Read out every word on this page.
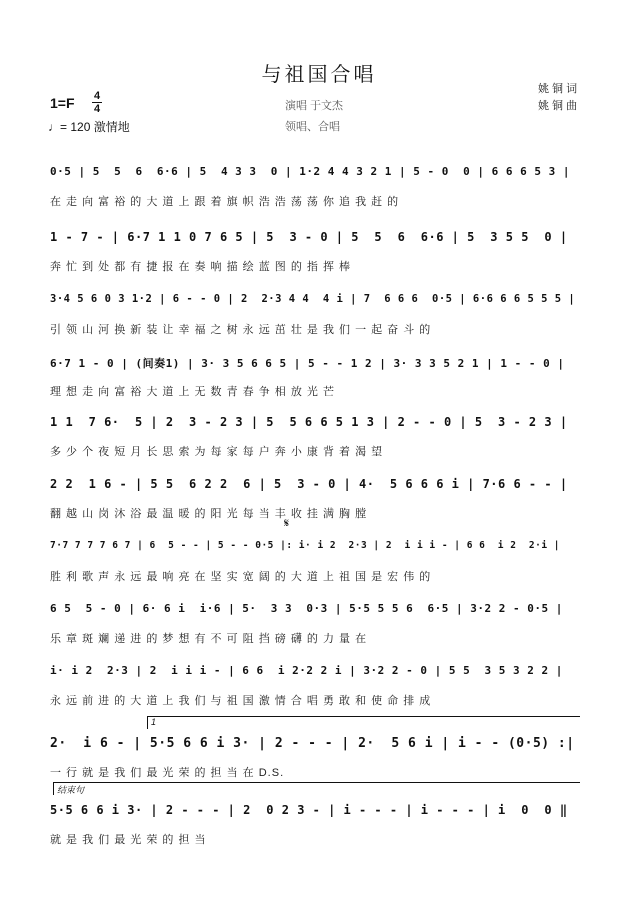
与祖国合唱
演唱 于文杰
领唱、合唱
姚 铜 词
姚 铜 曲
1=F 4
4
♩= 120 激情地
0·5 | 5  5  6  6·6 | 5  4 3 3  0 | 1·2 4 4 3 2 1 | 5 - 0  0 | 6 6 6 5 3 |
在 走 向 富 裕 的 大 道 上 跟 着 旗 帜 浩 浩 荡 荡 你 追 我 赶 的
1 - 7 - | 6·7 1 1 0 7 6 5 | 5  3 - 0 | 5  5  6  6·6 | 5  3 5 5  0 |
奔 忙 到 处 都 有 捷 报 在 奏 响 描 绘 蓝 图 的 指 挥 棒
3·4 5 6 0 3 1·2 | 6 - - 0 | 2  2·3 4 4  4 i | 7  6 6 6  0·5 | 6·6 6 6 5 5 5 |
引 领 山 河 换 新 装 让 幸 福 之 树 永 远 茁 壮 是 我 们 一 起 奋 斗 的
6·7 1 - 0 | (间奏1) | 3· 3 5 6 6 5 | 5 - - 1 2 | 3· 3 3 5 2 1 | 1 - - 0 |
理 想 走 向 富 裕 大 道 上 无 数 青 春 争 相 放 光 芒
1 1  7 6·  5 | 2  3 - 2 3 | 5  5 6 6 5 1 3 | 2 - - 0 | 5  3 - 2 3 |
多 少 个 夜 短 月 长 思 索 为 每 家 每 户 奔 小 康 背 着 渴 望
2 2  1 6 - | 5 5  6 2 2  6 | 5  3 - 0 | 4·  5 6 6 6 i | 7·6 6 - - |
翻 越 山 岗 沐 浴 最 温 暖 的 阳 光 每 当 丰 收 挂 满 胸 膛
7·7 7 7 7 6 7 | 6  5 - - | 5 - - 0·5 |: i· i 2  2·3 | 2  i i i - | 6 6  i 2  2·i |
胜 利 歌 声 永 远 最 响 亮 在 坚 实 宽 阔 的 大 道 上 祖 国 是 宏 伟 的
6 5  5 - 0 | 6· 6 i  i·6 | 5·  3 3  0·3 | 5·5 5 5 6  6·5 | 3·2 2 - 0·5 |
乐 章 斑 斓 递 进 的 梦 想 有 不 可 阻 挡 磅 礴 的 力 量 在
i· i 2  2·3 | 2  i i i - | 6 6  i 2·2 2 i | 3·2 2 - 0 | 5 5  3 5 3 2 2 |
永 远 前 进 的 大 道 上 我 们 与 祖 国 激 情 合 唱 勇 敢 和 使 命 排 成
2·  i 6 - | 5·5 6 6 i 3· | 2 - - - | 2·  5 6 i | i - - (0·5) :|
一 行 就 是 我 们 最 光 荣 的 担 当 在 D.S.
5·5 6 6 i 3· | 2 - - - | 2  0 2 3 - | i - - - | i - - - | i  0  0 ‖
就 是 我 们 最 光 荣 的 担 当
𝄋
1
结束句
